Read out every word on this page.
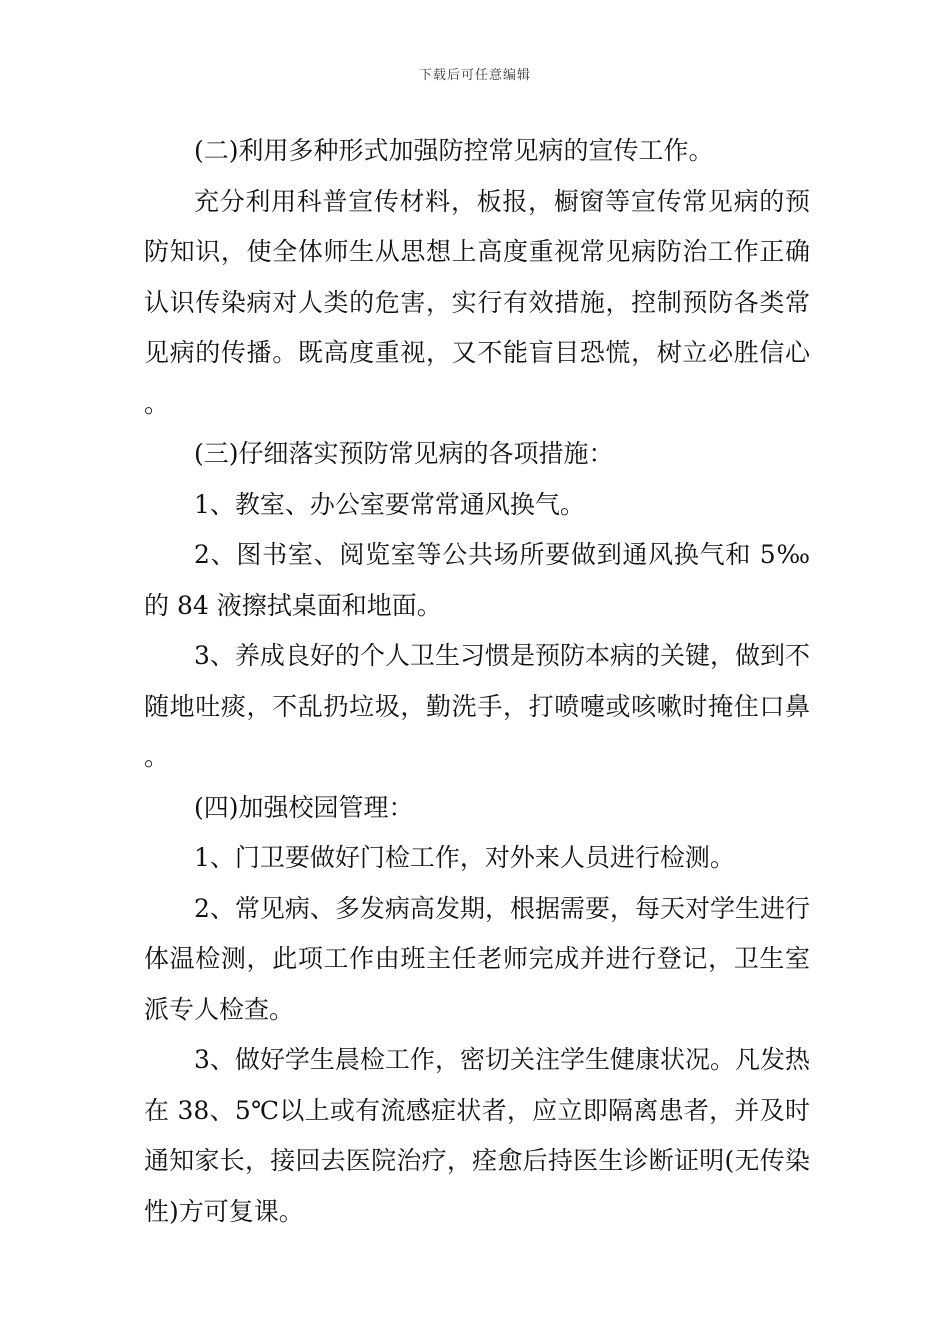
下载后可任意编辑

(二)利用多种形式加强防控常见病的宣传工作。

充分利用科普宣传材料，板报，橱窗等宣传常见病的预防知识，使全体师生从思想上高度重视常见病防治工作正确认识传染病对人类的危害，实行有效措施，控制预防各类常见病的传播。既高度重视，又不能盲目恐慌，树立必胜信心。

(三)仔细落实预防常见病的各项措施：

1、教室、办公室要常常通风换气。

2、图书室、阅览室等公共场所要做到通风换气和 5‰的 84 液擦拭桌面和地面。

3、养成良好的个人卫生习惯是预防本病的关键，做到不随地吐痰，不乱扔垃圾，勤洗手，打喷嚏或咳嗽时掩住口鼻。

(四)加强校园管理：

1、门卫要做好门检工作，对外来人员进行检测。

2、常见病、多发病高发期，根据需要，每天对学生进行体温检测，此项工作由班主任老师完成并进行登记，卫生室派专人检查。

3、做好学生晨检工作，密切关注学生健康状况。凡发热在 38、5℃以上或有流感症状者，应立即隔离患者，并及时通知家长，接回去医院治疗，痊愈后持医生诊断证明(无传染性)方可复课。
